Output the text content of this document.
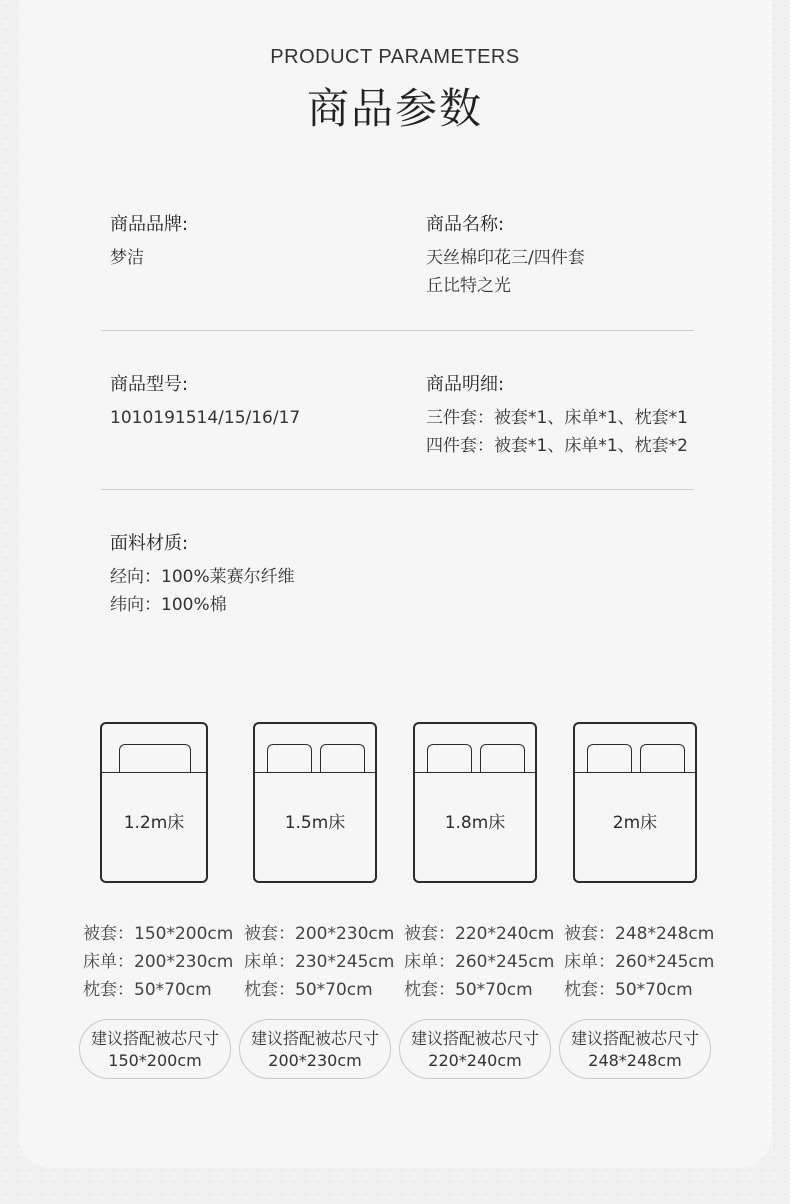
PRODUCT PARAMETERS
商品参数
商品品牌:
梦洁
商品名称:
天丝棉印花三/四件套
丘比特之光
商品型号:
1010191514/15/16/17
商品明细:
三件套：被套*1、床单*1、枕套*1
四件套：被套*1、床单*1、枕套*2
面料材质:
经向：100%莱赛尔纤维
纬向：100%棉
1.2m床	1.5m床	1.8m床	2m床
被套：150*200cm
床单：200*230cm
枕套：50*70cm
被套：200*230cm
床单：230*245cm
枕套：50*70cm
被套：220*240cm
床单：260*245cm
枕套：50*70cm
被套：248*248cm
床单：260*245cm
枕套：50*70cm
建议搭配被芯尺寸
150*200cm
建议搭配被芯尺寸
200*230cm
建议搭配被芯尺寸
220*240cm
建议搭配被芯尺寸
248*248cm
